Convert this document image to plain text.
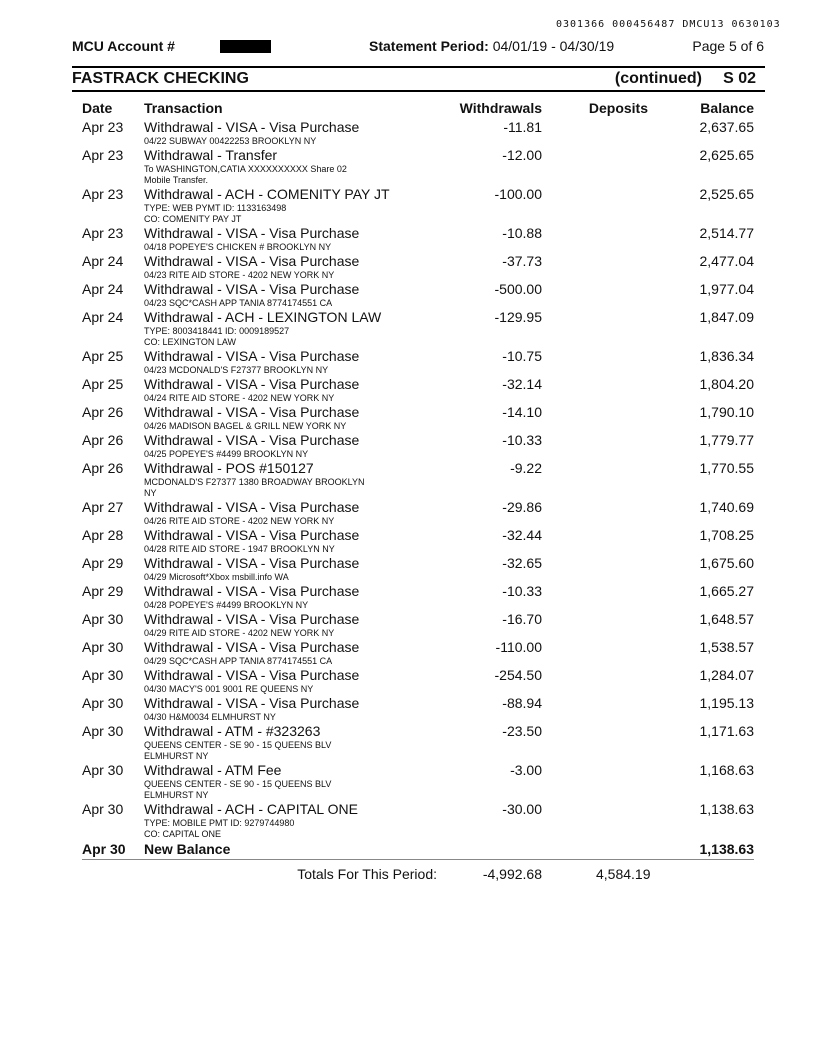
0301366 000456487 DMCU13 0630103
MCU Account #	Statement Period: 04/01/19 - 04/30/19	Page 5 of 6
FASTRACK CHECKING	(continued) S 02
Date Transaction	Withdrawals	Deposits	Balance
Apr 23 Withdrawal - VISA - Visa Purchase
04/22 SUBWAY 00422253 BROOKLYN NY
-11.81	2,637.65
Apr 23 Withdrawal - Transfer
To WASHINGTON,CATIA XXXXXXXXXX Share 02
Mobile Transfer.
-12.00	2,625.65
Apr 23 Withdrawal - ACH - COMENITY PAY JT
TYPE: WEB PYMT ID: 1133163498
CO: COMENITY PAY JT
-100.00	2,525.65
Apr 23 Withdrawal - VISA - Visa Purchase
04/18 POPEYE'S CHICKEN # BROOKLYN NY
-10.88	2,514.77
Apr 24 Withdrawal - VISA - Visa Purchase
04/23 RITE AID STORE - 4202 NEW YORK NY
-37.73	2,477.04
Apr 24 Withdrawal - VISA - Visa Purchase
04/23 SQC*CASH APP TANIA 8774174551 CA
-500.00	1,977.04
Apr 24 Withdrawal - ACH - LEXINGTON LAW
TYPE: 8003418441 ID: 0009189527
CO: LEXINGTON LAW
-129.95	1,847.09
Apr 25 Withdrawal - VISA - Visa Purchase
04/23 MCDONALD'S F27377 BROOKLYN NY
-10.75	1,836.34
Apr 25 Withdrawal - VISA - Visa Purchase
04/24 RITE AID STORE - 4202 NEW YORK NY
-32.14	1,804.20
Apr 26 Withdrawal - VISA - Visa Purchase
04/26 MADISON BAGEL & GRILL NEW YORK NY
-14.10	1,790.10
Apr 26 Withdrawal - VISA - Visa Purchase
04/25 POPEYE'S #4499 BROOKLYN NY
-10.33	1,779.77
Apr 26 Withdrawal - POS #150127
MCDONALD'S F27377 1380 BROADWAY BROOKLYN
NY
-9.22	1,770.55
Apr 27 Withdrawal - VISA - Visa Purchase
04/26 RITE AID STORE - 4202 NEW YORK NY
-29.86	1,740.69
Apr 28 Withdrawal - VISA - Visa Purchase
04/28 RITE AID STORE - 1947 BROOKLYN NY
-32.44	1,708.25
Apr 29 Withdrawal - VISA - Visa Purchase
04/29 Microsoft*Xbox msbill.info WA
-32.65	1,675.60
Apr 29 Withdrawal - VISA - Visa Purchase
04/28 POPEYE'S #4499 BROOKLYN NY
-10.33	1,665.27
Apr 30 Withdrawal - VISA - Visa Purchase
04/29 RITE AID STORE - 4202 NEW YORK NY
-16.70	1,648.57
Apr 30 Withdrawal - VISA - Visa Purchase
04/29 SQC*CASH APP TANIA 8774174551 CA
-110.00	1,538.57
Apr 30 Withdrawal - VISA - Visa Purchase
04/30 MACY'S 001 9001 RE QUEENS NY
-254.50	1,284.07
Apr 30 Withdrawal - VISA - Visa Purchase
04/30 H&M0034 ELMHURST NY
-88.94	1,195.13
Apr 30 Withdrawal - ATM - #323263
QUEENS CENTER - SE 90 - 15 QUEENS BLV
ELMHURST NY
-23.50	1,171.63
Apr 30 Withdrawal - ATM Fee
QUEENS CENTER - SE 90 - 15 QUEENS BLV
ELMHURST NY
-3.00	1,168.63
Apr 30 Withdrawal - ACH - CAPITAL ONE
TYPE: MOBILE PMT ID: 9279744980
CO: CAPITAL ONE
-30.00	1,138.63
Apr 30 New Balance	1,138.63
Totals For This Period:	-4,992.68	4,584.19
